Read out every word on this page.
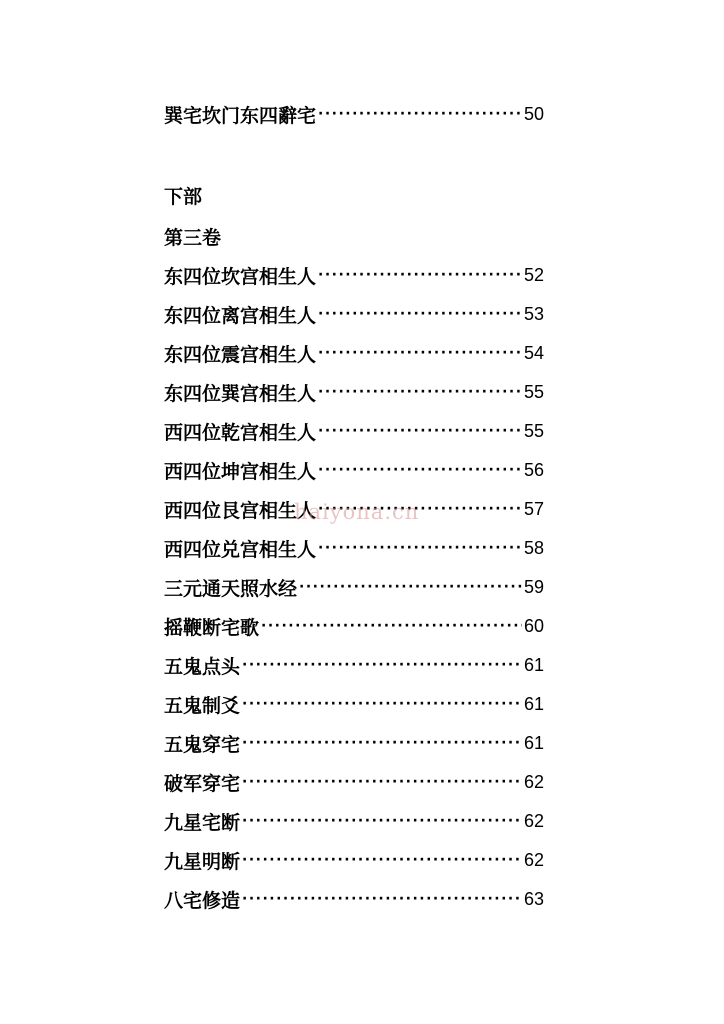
巽宅坎门东四辭宅 ·····	50
下部
第三卷
东四位坎宫相生人 ·····	52
东四位离宫相生人 ·····	53
东四位震宫相生人 ·····	54
东四位巽宫相生人 ·····	55
西四位乾宫相生人 ·····	55
西四位坤宫相生人 ·····	56
西四位艮宫相生人 ·····	57
西四位兑宫相生人 ·····	58
三元通天照水经 ·····	59
摇鞭断宅歌 ·····	60
五鬼点头 ·····	61
五鬼制爻 ·····	61
五鬼穿宅 ·····	61
破军穿宅 ·····	62
九星宅断 ·····	62
九星明断 ·····	62
八宅修造 ·····	63
haiyona.cn
